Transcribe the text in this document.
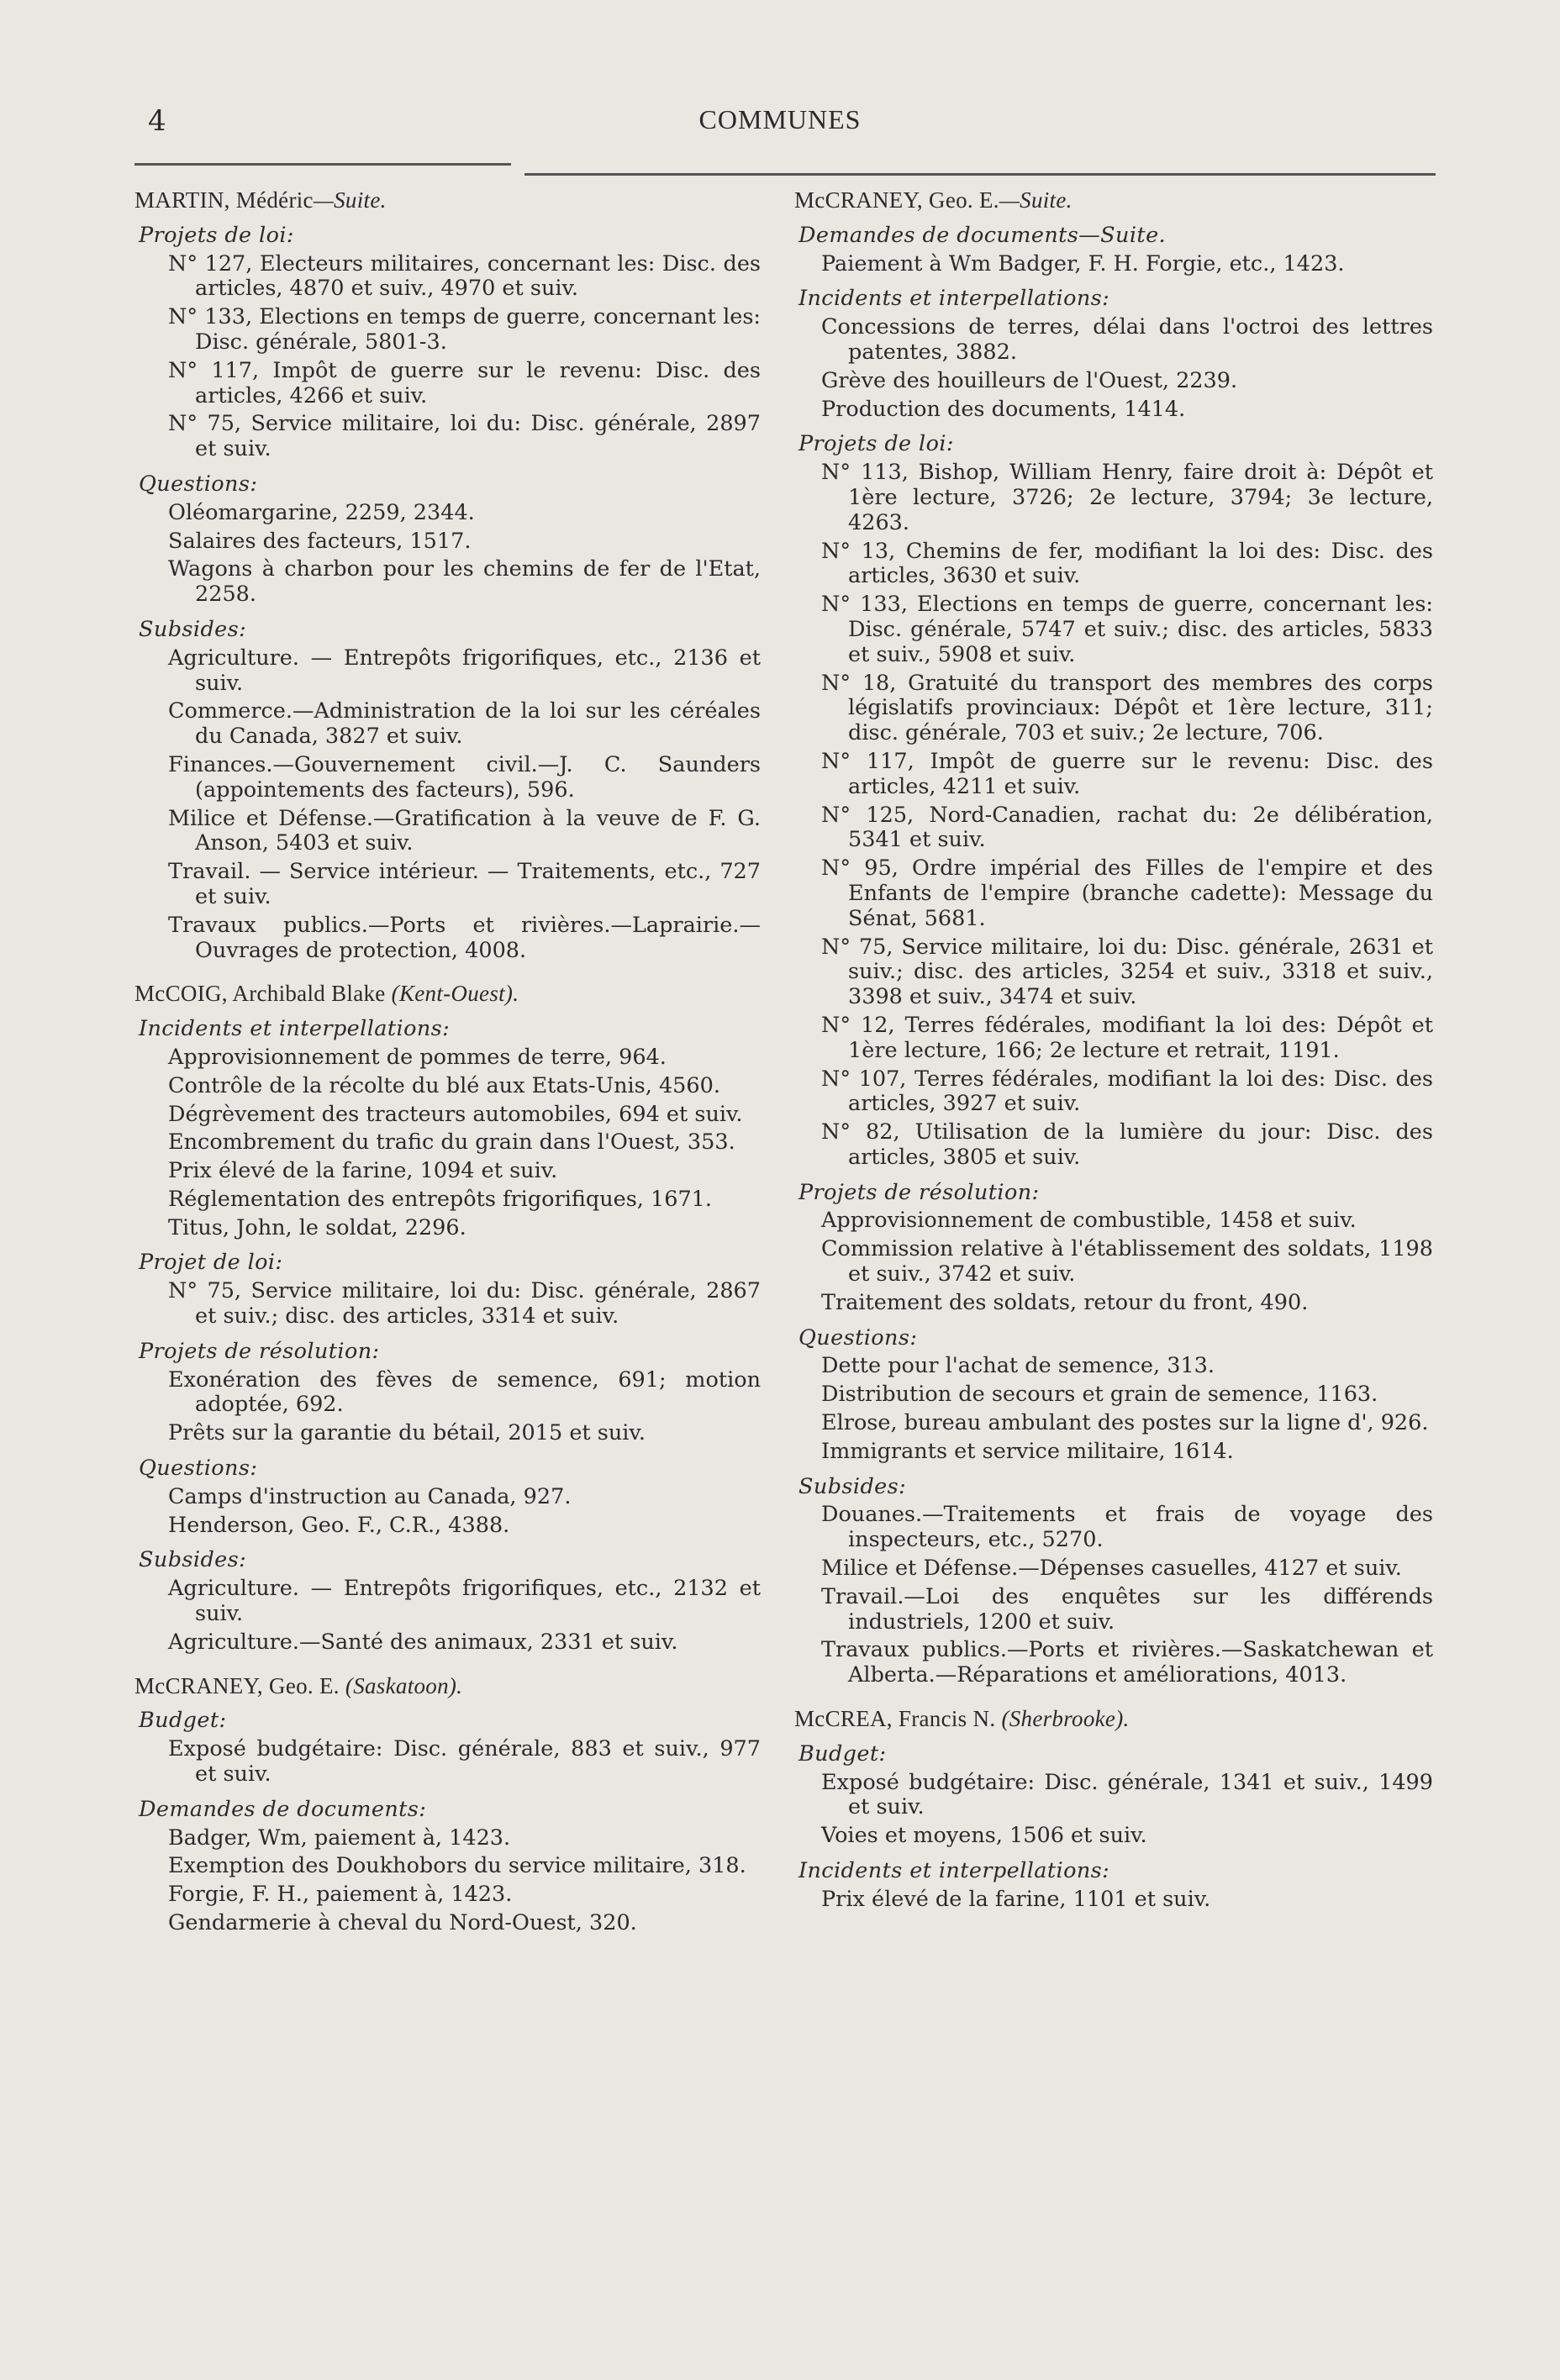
4	COMMUNES

MARTIN, Médéric—Suite.

Projets de loi:

N° 127, Electeurs militaires, concernant les: Disc. des articles, 4870 et suiv., 4970 et suiv.
N° 133, Elections en temps de guerre, concernant les: Disc. générale, 5801-3.
N° 117, Impôt de guerre sur le revenu: Disc. des articles, 4266 et suiv.
N° 75, Service militaire, loi du: Disc. générale, 2897 et suiv.

Questions:

Oléomargarine, 2259, 2344.
Salaires des facteurs, 1517.
Wagons à charbon pour les chemins de fer de l'Etat, 2258.

Subsides:

Agriculture. — Entrepôts frigorifiques, etc., 2136 et suiv.
Commerce.—Administration de la loi sur les céréales du Canada, 3827 et suiv.
Finances.—Gouvernement civil.—J. C. Saunders (appointements des facteurs), 596.
Milice et Défense.—Gratification à la veuve de F. G. Anson, 5403 et suiv.
Travail. — Service intérieur. — Traitements, etc., 727 et suiv.
Travaux publics.—Ports et rivières.—Laprairie.—Ouvrages de protection, 4008.

McCOIG, Archibald Blake (Kent-Ouest).

Incidents et interpellations:

Approvisionnement de pommes de terre, 964.
Contrôle de la récolte du blé aux Etats-Unis, 4560.
Dégrèvement des tracteurs automobiles, 694 et suiv.
Encombrement du trafic du grain dans l'Ouest, 353.
Prix élevé de la farine, 1094 et suiv.
Réglementation des entrepôts frigorifiques, 1671.
Titus, John, le soldat, 2296.

Projet de loi:

N° 75, Service militaire, loi du: Disc. générale, 2867 et suiv.; disc. des articles, 3314 et suiv.

Projets de résolution:

Exonération des fèves de semence, 691; motion adoptée, 692.
Prêts sur la garantie du bétail, 2015 et suiv.

Questions:

Camps d'instruction au Canada, 927.
Henderson, Geo. F., C.R., 4388.

Subsides:

Agriculture. — Entrepôts frigorifiques, etc., 2132 et suiv.
Agriculture.—Santé des animaux, 2331 et suiv.

McCRANEY, Geo. E. (Saskatoon).

Budget:

Exposé budgétaire: Disc. générale, 883 et suiv., 977 et suiv.

Demandes de documents:

Badger, Wm, paiement à, 1423.
Exemption des Doukhobors du service militaire, 318.
Forgie, F. H., paiement à, 1423.
Gendarmerie à cheval du Nord-Ouest, 320.

McCRANEY, Geo. E.—Suite.

Demandes de documents—Suite.

Paiement à Wm Badger, F. H. Forgie, etc., 1423.

Incidents et interpellations:

Concessions de terres, délai dans l'octroi des lettres patentes, 3882.
Grève des houilleurs de l'Ouest, 2239.
Production des documents, 1414.

Projets de loi:

N° 113, Bishop, William Henry, faire droit à: Dépôt et 1ère lecture, 3726; 2e lecture, 3794; 3e lecture, 4263.
N° 13, Chemins de fer, modifiant la loi des: Disc. des articles, 3630 et suiv.
N° 133, Elections en temps de guerre, concernant les: Disc. générale, 5747 et suiv.; disc. des articles, 5833 et suiv., 5908 et suiv.
N° 18, Gratuité du transport des membres des corps législatifs provinciaux: Dépôt et 1ère lecture, 311; disc. générale, 703 et suiv.; 2e lecture, 706.
N° 117, Impôt de guerre sur le revenu: Disc. des articles, 4211 et suiv.
N° 125, Nord-Canadien, rachat du: 2e délibération, 5341 et suiv.
N° 95, Ordre impérial des Filles de l'empire et des Enfants de l'empire (branche cadette): Message du Sénat, 5681.
N° 75, Service militaire, loi du: Disc. générale, 2631 et suiv.; disc. des articles, 3254 et suiv., 3318 et suiv., 3398 et suiv., 3474 et suiv.
N° 12, Terres fédérales, modifiant la loi des: Dépôt et 1ère lecture, 166; 2e lecture et retrait, 1191.
N° 107, Terres fédérales, modifiant la loi des: Disc. des articles, 3927 et suiv.
N° 82, Utilisation de la lumière du jour: Disc. des articles, 3805 et suiv.

Projets de résolution:

Approvisionnement de combustible, 1458 et suiv.
Commission relative à l'établissement des soldats, 1198 et suiv., 3742 et suiv.
Traitement des soldats, retour du front, 490.

Questions:

Dette pour l'achat de semence, 313.
Distribution de secours et grain de semence, 1163.
Elrose, bureau ambulant des postes sur la ligne d', 926.
Immigrants et service militaire, 1614.

Subsides:

Douanes.—Traitements et frais de voyage des inspecteurs, etc., 5270.
Milice et Défense.—Dépenses casuelles, 4127 et suiv.
Travail.—Loi des enquêtes sur les différends industriels, 1200 et suiv.
Travaux publics.—Ports et rivières.—Saskatchewan et Alberta.—Réparations et améliorations, 4013.

McCREA, Francis N. (Sherbrooke).

Budget:

Exposé budgétaire: Disc. générale, 1341 et suiv., 1499 et suiv.
Voies et moyens, 1506 et suiv.

Incidents et interpellations:

Prix élevé de la farine, 1101 et suiv.
